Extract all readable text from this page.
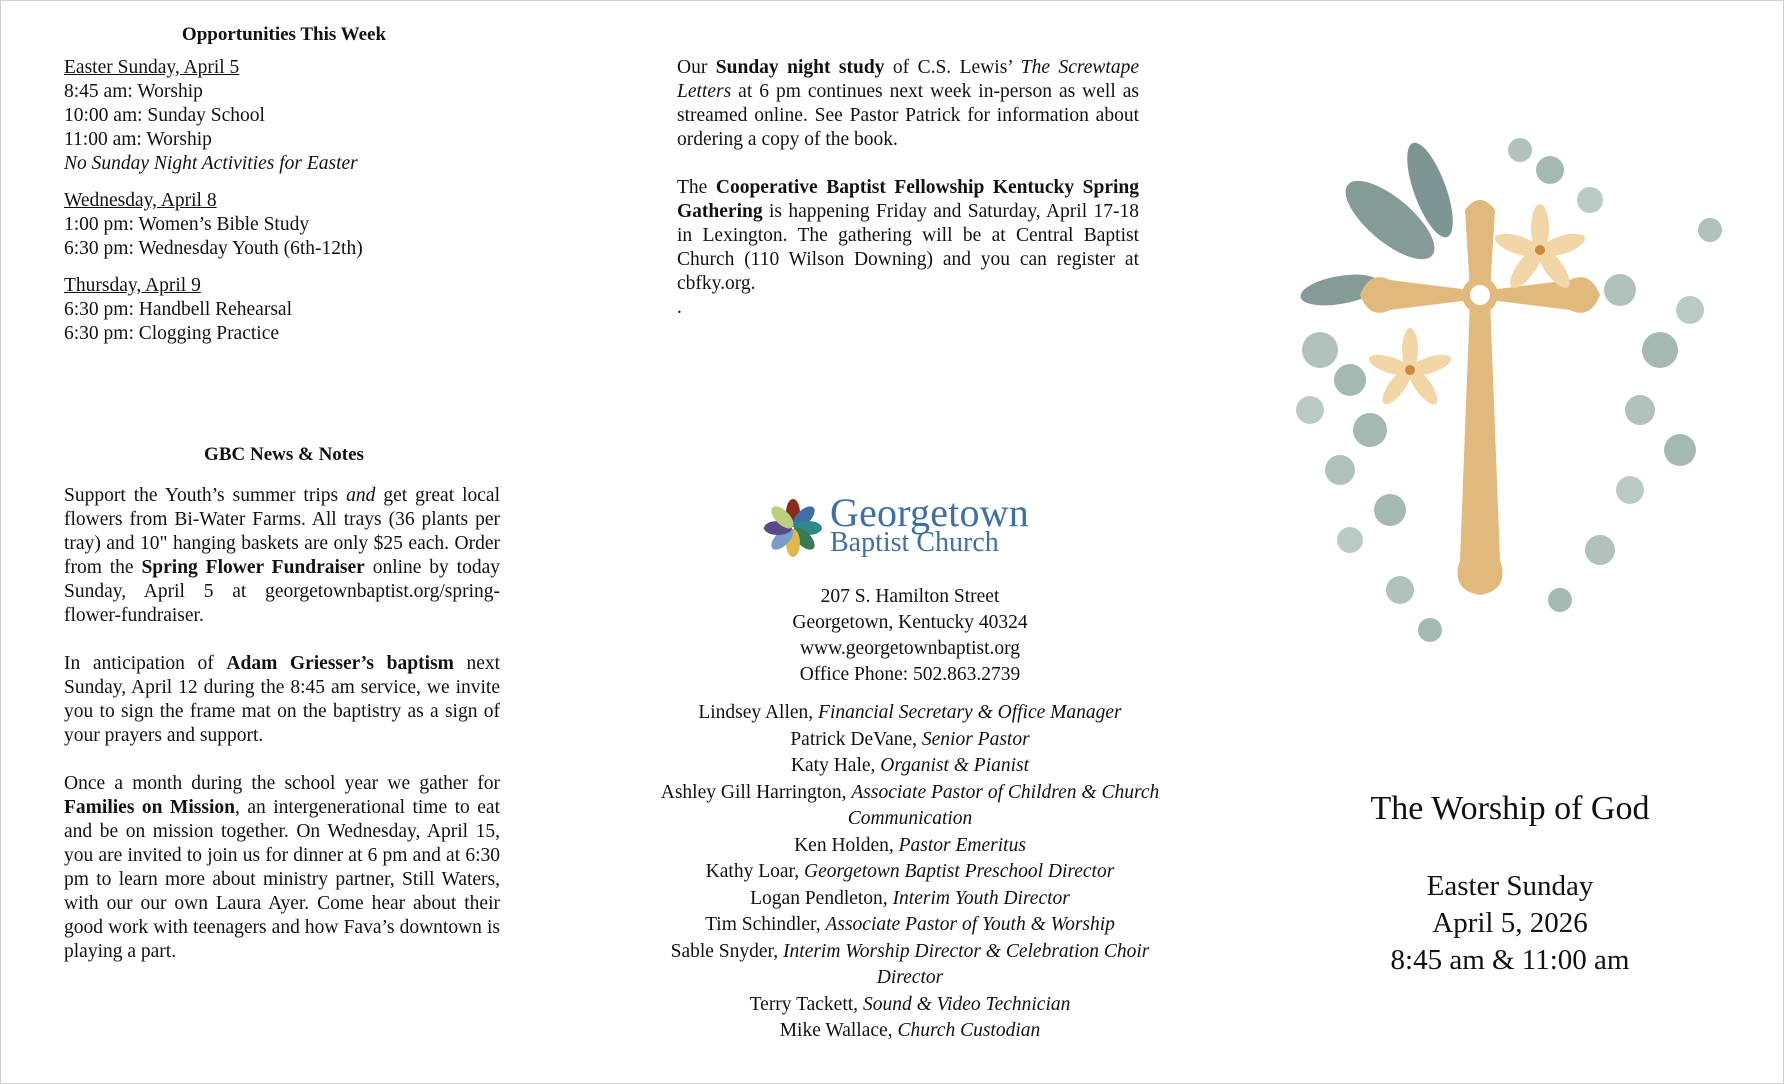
Opportunities This Week
Easter Sunday, April 5
8:45 am: Worship
10:00 am: Sunday School
11:00 am: Worship
No Sunday Night Activities for Easter
Wednesday, April 8
1:00 pm: Women’s Bible Study
6:30 pm: Wednesday Youth (6th-12th)
Thursday, April 9
6:30 pm: Handbell Rehearsal
6:30 pm: Clogging Practice
GBC News & Notes

Support the Youth’s summer trips and get great local flowers from Bi-Water Farms. All trays (36 plants per tray) and 10" hanging baskets are only $25 each. Order from the Spring Flower Fundraiser online by today Sunday, April 5 at georgetownbaptist.org/spring-flower-fundraiser.

In anticipation of Adam Griesser’s baptism next Sunday, April 12 during the 8:45 am service, we invite you to sign the frame mat on the baptistry as a sign of your prayers and support.

Once a month during the school year we gather for Families on Mission, an intergenerational time to eat and be on mission together. On Wednesday, April 15, you are invited to join us for dinner at 6 pm and at 6:30 pm to learn more about ministry partner, Still Waters, with our our own Laura Ayer. Come hear about their good work with teenagers and how Fava’s downtown is playing a part.

Our Sunday night study of C.S. Lewis’ The Screwtape Letters at 6 pm continues next week in-person as well as streamed online. See Pastor Patrick for information about ordering a copy of the book.

The Cooperative Baptist Fellowship Kentucky Spring Gathering is happening Friday and Saturday, April 17-18 in Lexington. The gathering will be at Central Baptist Church (110 Wilson Downing) and you can register at cbfky.org.

.

Georgetown
Baptist Church
207 S. Hamilton Street
Georgetown, Kentucky 40324
www.georgetownbaptist.org
Office Phone: 502.863.2739
Lindsey Allen, Financial Secretary & Office Manager
Patrick DeVane, Senior Pastor
Katy Hale, Organist & Pianist
Ashley Gill Harrington, Associate Pastor of Children & Church Communication
Ken Holden, Pastor Emeritus
Kathy Loar, Georgetown Baptist Preschool Director
Logan Pendleton, Interim Youth Director
Tim Schindler, Associate Pastor of Youth & Worship
Sable Snyder, Interim Worship Director & Celebration Choir Director
Terry Tackett, Sound & Video Technician
Mike Wallace, Church Custodian
The Worship of God
Easter Sunday
April 5, 2026
8:45 am & 11:00 am
